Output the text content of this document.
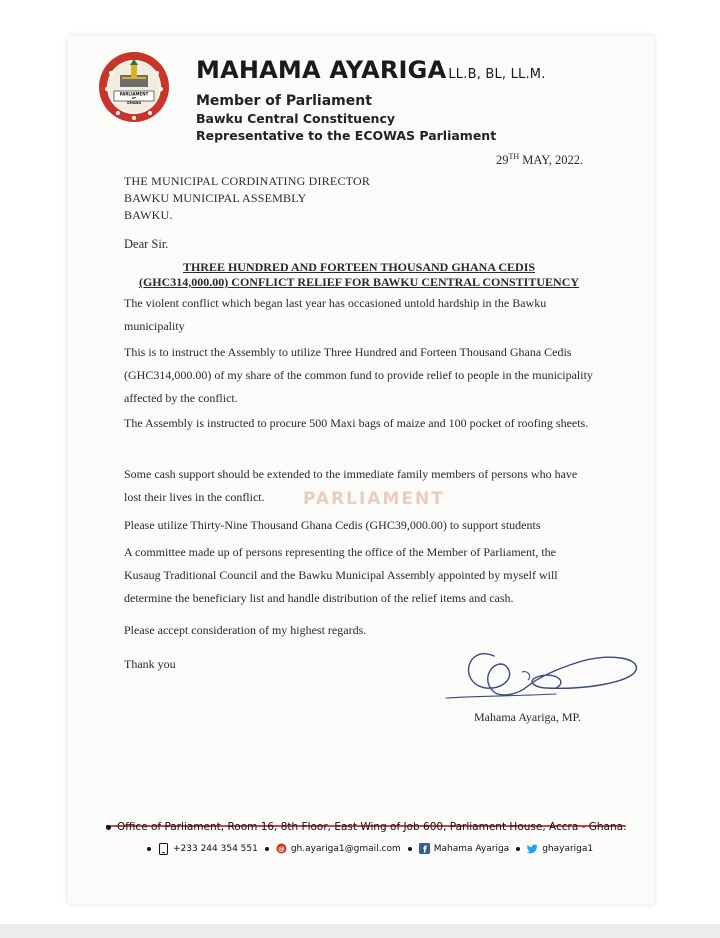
PARLIAMENT
OF
GHANA
MAHAMA AYARIGA LL.B, BL, LL.M.
Member of Parliament
Bawku Central Constituency
Representative to the ECOWAS Parliament
29TH MAY, 2022.
THE MUNICIPAL CORDINATING DIRECTOR
BAWKU MUNICIPAL ASSEMBLY
BAWKU.
Dear Sir.
THREE HUNDRED AND FORTEEN THOUSAND GHANA CEDIS
(GHC314,000.00) CONFLICT RELIEF FOR BAWKU CENTRAL CONSTITUENCY
PARLIAMENT
The violent conflict which began last year has occasioned untold hardship in the Bawku municipality
This is to instruct the Assembly to utilize Three Hundred and Forteen Thousand Ghana Cedis (GHC314,000.00) of my share of the common fund to provide relief to people in the municipality affected by the conflict.
The Assembly is instructed to procure 500 Maxi bags of maize and 100 pocket of roofing sheets.
Some cash support should be extended to the immediate family members of persons who have lost their lives in the conflict.
Please utilize Thirty-Nine Thousand Ghana Cedis (GHC39,000.00) to support students
A committee made up of persons representing the office of the Member of Parliament, the Kusaug Traditional Council and the Bawku Municipal Assembly appointed by myself will determine the beneficiary list and handle distribution of the relief items and cash.
Please accept consideration of my highest regards.
Thank you
Mahama Ayariga, MP.
Office of Parliament, Room 16, 8th Floor, East Wing of Job 600, Parliament House, Accra - Ghana.
+233 244 354 551	@ gh.ayariga1@gmail.com f Mahama Ayariga	ghayariga1
